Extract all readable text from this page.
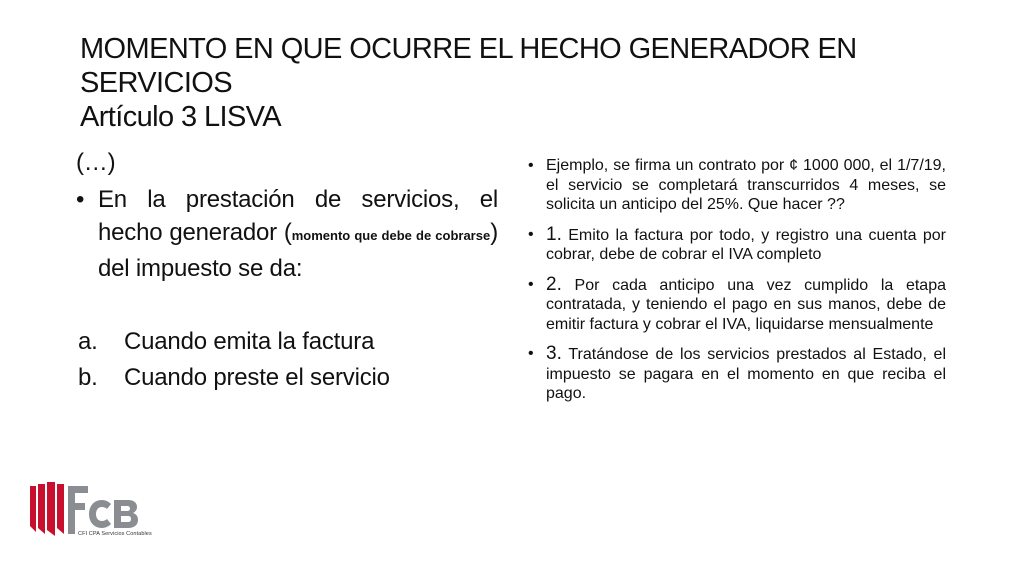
MOMENTO EN QUE OCURRE EL HECHO GENERADOR EN
SERVICIOS
Artículo 3 LISVA
(…)
• En la prestación de servicios, el hecho generador (momento que debe de cobrarse) del impuesto se da:
a.	Cuando emita la factura
b.	Cuando preste el servicio
• Ejemplo, se firma un contrato por ¢ 1000 000, el 1/7/19, el servicio se completará transcurridos 4 meses, se solicita un anticipo del 25%. Que hacer ??
• 1. Emito la factura por todo, y registro una cuenta por cobrar, debe de cobrar el IVA completo
• 2. Por cada anticipo una vez cumplido la etapa contratada, y teniendo el pago en sus manos, debe de emitir factura y cobrar el IVA, liquidarse mensualmente
• 3. Tratándose de los servicios prestados al Estado, el impuesto se pagara en el momento en que reciba el pago.
CFI CPA Servicios Contables
